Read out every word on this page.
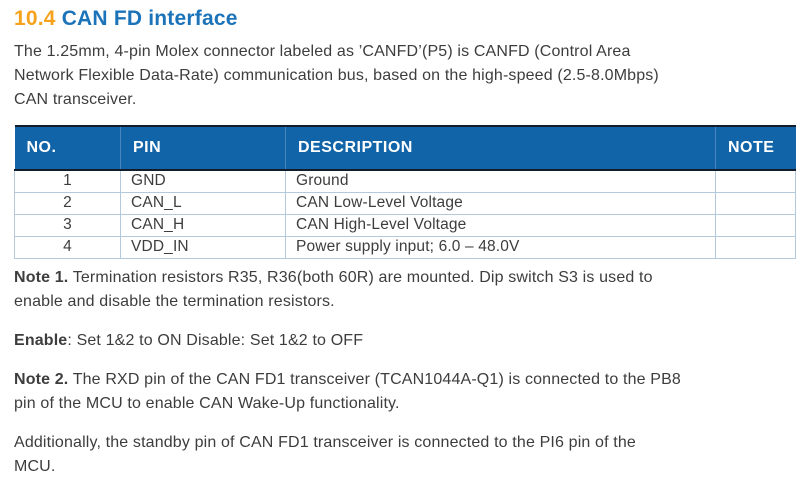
10.4 CAN FD interface
The 1.25mm, 4-pin Molex connector labeled as ’CANFD’(P5) is CANFD (Control Area
Network Flexible Data-Rate) communication bus, based on the high-speed (2.5-8.0Mbps)
CAN transceiver.
NO.	PIN	DESCRIPTION	NOTE
1	GND	Ground	
2	CAN_L	CAN Low-Level Voltage	
3	CAN_H	CAN High-Level Voltage	
4	VDD_IN	Power supply input; 6.0 – 48.0V	
Note 1. Termination resistors R35, R36(both 60R) are mounted. Dip switch S3 is used to
enable and disable the termination resistors.
Enable: Set 1&2 to ON Disable: Set 1&2 to OFF
Note 2. The RXD pin of the CAN FD1 transceiver (TCAN1044A-Q1) is connected to the PB8
pin of the MCU to enable CAN Wake-Up functionality.
Additionally, the standby pin of CAN FD1 transceiver is connected to the PI6 pin of the
MCU.
